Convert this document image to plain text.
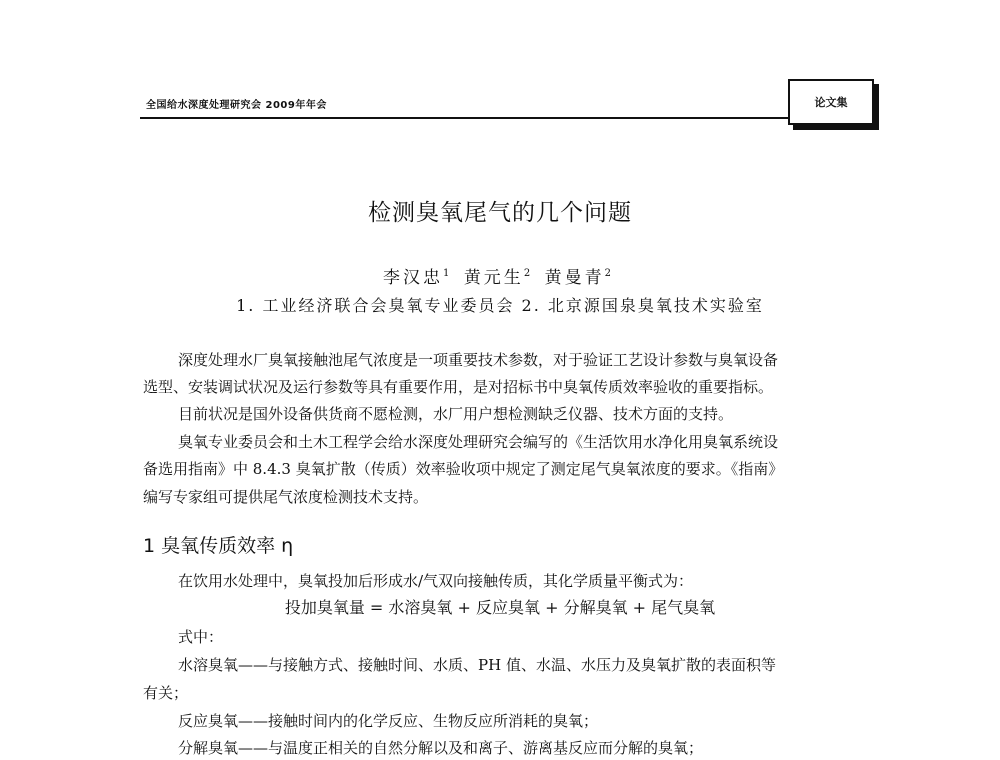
全国给水深度处理研究会 2009年年会	论文集
检测臭氧尾气的几个问题
李汉忠$^1$ 黄元生$^2$ 黄曼青$^2$
1. 工业经济联合会臭氧专业委员会 2. 北京源国泉臭氧技术实验室
深度处理水厂臭氧接触池尾气浓度是一项重要技术参数，对于验证工艺设计参数与臭氧设备
选型、安装调试状况及运行参数等具有重要作用，是对招标书中臭氧传质效率验收的重要指标。
目前状况是国外设备供货商不愿检测，水厂用户想检测缺乏仪器、技术方面的支持。
臭氧专业委员会和土木工程学会给水深度处理研究会编写的《生活饮用水净化用臭氧系统设
备选用指南》中 8.4.3 臭氧扩散（传质）效率验收项中规定了测定尾气臭氧浓度的要求。《指南》
编写专家组可提供尾气浓度检测技术支持。
1 臭氧传质效率 η
在饮用水处理中，臭氧投加后形成水/气双向接触传质，其化学质量平衡式为：
投加臭氧量 = 水溶臭氧 + 反应臭氧 + 分解臭氧 + 尾气臭氧
式中：
水溶臭氧——与接触方式、接触时间、水质、PH 值、水温、水压力及臭氧扩散的表面积等
有关；
反应臭氧——接触时间内的化学反应、生物反应所消耗的臭氧；
分解臭氧——与温度正相关的自然分解以及和离子、游离基反应而分解的臭氧；
